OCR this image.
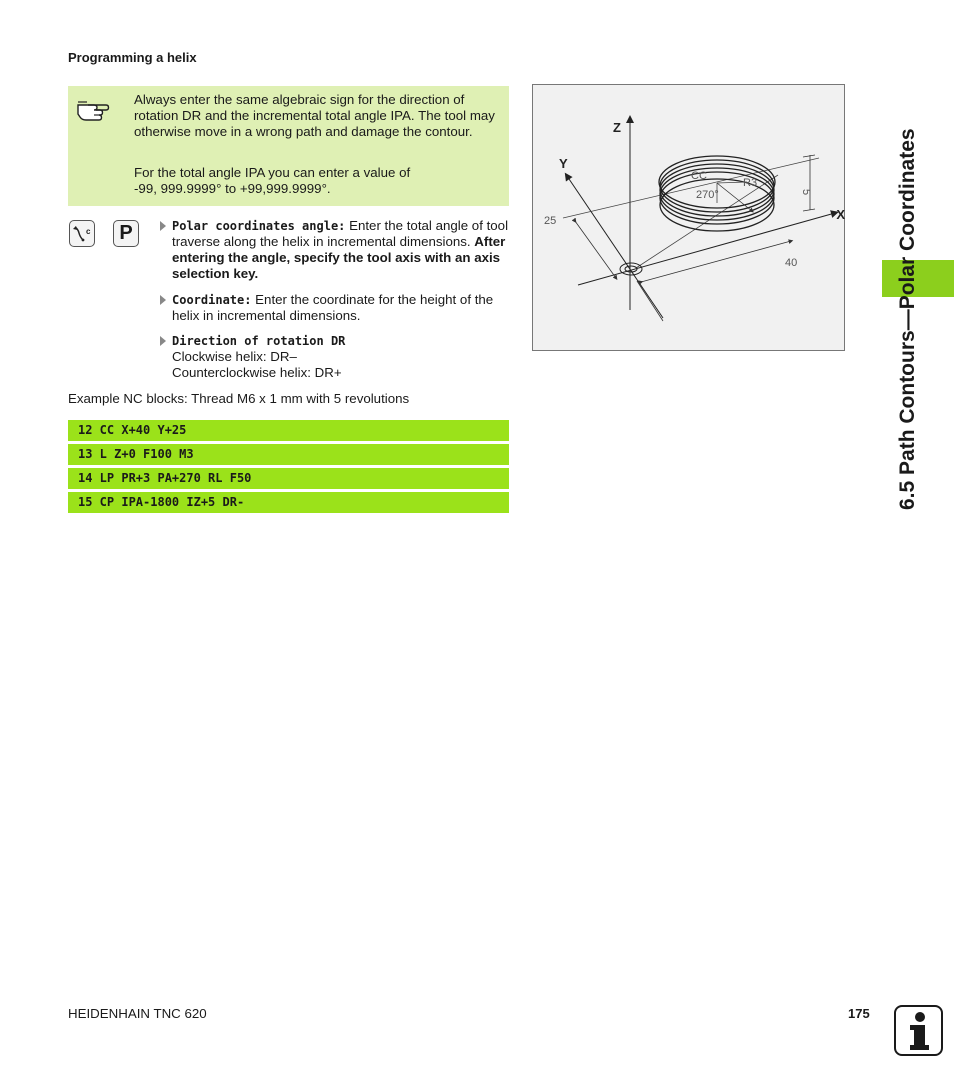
Programming a helix

Always enter the same algebraic sign for the direction of rotation DR and the incremental total angle IPA. The tool may otherwise move in a wrong path and damage the contour.

For the total angle IPA you can enter a value of
-99, 999.9999° to +99,999.9999°.

c	P	Polar coordinates angle: Enter the total angle of tool traverse along the helix in incremental dimensions. After entering the angle, specify the tool axis with an axis selection key.
Coordinate: Enter the coordinate for the height of the helix in incremental dimensions.
Direction of rotation DR
Clockwise helix: DR–
Counterclockwise helix: DR+
Example NC blocks: Thread M6 x 1 mm with 5 revolutions
12 CC X+40 Y+25
13 L Z+0 F100 M3
14 LP PR+3 PA+270 RL F50
15 CP IPA-1800 IZ+5 DR-
Z
Y
X
CC
R3
270°	5
25
40	6.5 Path Contours—Polar Coordinates
HEIDENHAIN TNC 620	175
